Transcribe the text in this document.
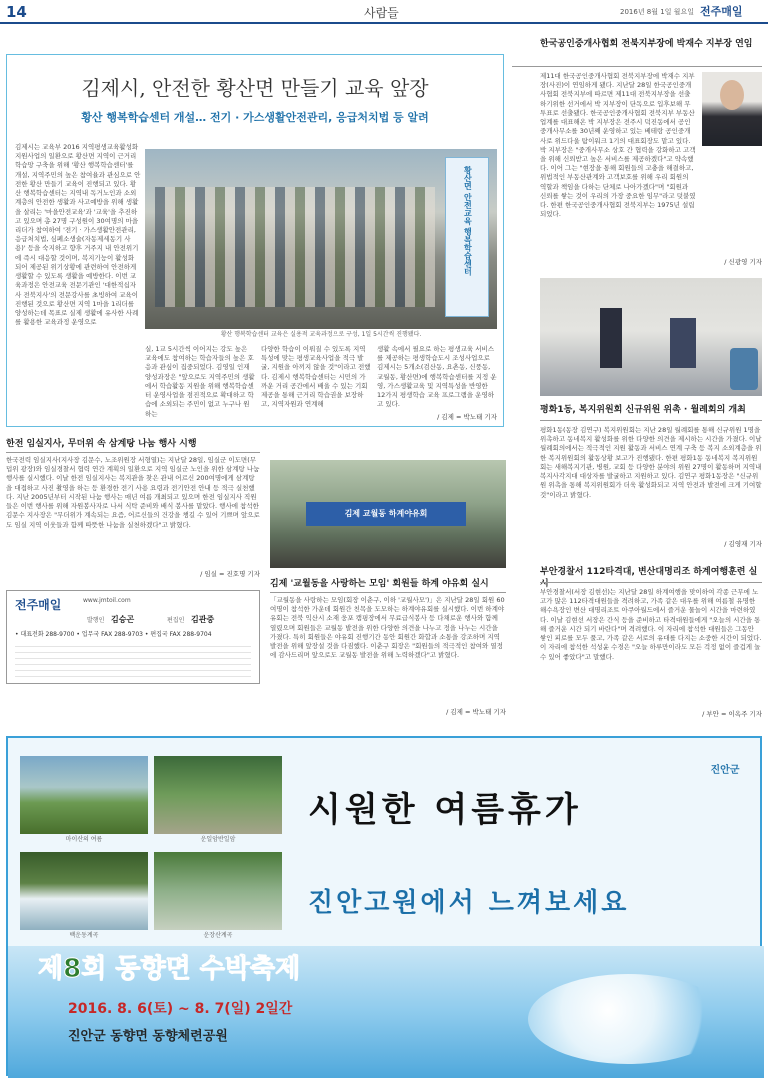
14	사람들	2016년 8월 1일 월요일 전주매일
김제시, 안전한 황산면 만들기 교육 앞장
황산 행복학습센터 개설… 전기 · 가스생활안전관리, 응급처치법 등 알려
김제시는 교육부 2016 지역평생교육활성화 지원사업의 일환으로 황산면 지역이 근거리 학습망 구축을 위해 '황산 행복학습센터'를 개설, 지역주민의 높은 참여율과 관심으로 안전한 황산 만들기 교육이 진행되고 있다. 황산 행복학습센터는 지역내 독거노인과 소외계층의 안전한 생활과 사고예방을 위해 생활을 살리는 '마을안전교육'과 '교육'을 추진하고 있으며 총 27명 구성원이 30여명의 마을리더가 참여하여 '전기 · 가스생활안전관리, 응급처치법, 심폐소생술(자동제세동기 사용)' 등을 숙지하고 향후 거주지 내 안전위기에 즉시 대응할 것이며, 복지기능이 활성화 되어 제공된 위기상황에 관련하여 안전하게 생활할 수 있도록 생활을 예방한다. 이번 교육과정은 안전교육 전문기관인 '대한적십자사 전북지사'의 전문강사를 초빙하여 교육이 진행된 것으로 황산면 지역 1마을 1리더를 양성하는데 목표로 실제 생활에 유사한 사례를 활용한 교육과정 운영으로
황산면 안전교육 행복학습센터
황산 행복학습센터 교육은 실용적 교육과정으로 구성, 1일 5시간씩 진행됐다.
실, 1교 5시간씩 이어지는 강도 높은 교육에도 참여하는 학습자들의 높은 호응과 관심이 집중되었다. 김영일 인재양성과장은 "앞으로도 지역주민의 생활에서 학습활동 지원을 위해 행복학습센터 운영사업을 점진적으로 확대하고 학습에 소외되는 주민이 없고 누구나 원하는
다양한 학습이 이뤄질 수 있도록 지역특성에 맞는 평생교육사업을 적극 발굴, 지원을 아끼지 않을 것"이라고 전했다. 김제시 행복학습센터는 시민의 가까운 거리 공간에서 배울 수 있는 기회제공을 통해 근거리 학습권을 보장하고, 지역자원과 연계해
생활 속에서 필요로 하는 평생교육 서비스를 제공하는 평생학습도시 조성사업으로 김제시는 5개소(검산동, 요촌동, 신풍동, 교월동, 황산면)에 행복학습센터를 지정 운영, 가스생활교육 및 지역특성을 반영한 12가지 평생학습 교육 프로그램을 운영하고 있다.
/ 김제 = 박노태 기자
한국공인중개사협회 전북지부장에 박재수 지부장 연임
제11대 한국공인중개사협회 전북지부장에 박재수 지부장(사진)이 연임하게 됐다. 지난달 28일 한국공인중개사협회 전북지부에 따르면 제11대 전북지부장을 선출하기위한 선거에서 박 지부장이 단독으로 입후보해 무투표로 선출됐다. 한국공인중개사협회 전북지부 부동산업계를 대표해온 박 지부장은 전주시 덕진동에서 공인중개사무소를 30년째 운영하고 있는 베테랑 공인중개사로 위드다울 탐이워크 1기의 대표회장도 맡고 있다. 박 지부장은 "중개사무소 상호 간 협력을 강화하고 고객을 위해 신뢰받고 높은 서비스를 제공하겠다"고 약속했다. 이어 그는 "현장을 통해 회원들의 고충을 해결하고, 위법적인 부동산관계와 고객보호를 위해 우리 회원의 역할과 책임을 다하는 단체로 나아가겠다"며 "회원과 신뢰를 쌓는 것이 우리의 가장 중요한 임무"라고 덧붙였다. 한편 한국공인중개사협회 전북지부는 1975년 설립되었다.
/ 신광영 기자
평화1동, 복지위원회 신규위원 위촉 · 월례회의 개최
평화1동(동장 김연구) 복지위원회는 지난 28일 월례회를 통해 신규위원 1명을 위촉하고 동네복지 활성화를 위한 다양한 의견을 제시하는 시간을 가졌다. 이날 월례회의에서는 적극적인 지원 활동과 서비스 연계 구축 등 복지 소외계층을 위한 복지위원회의 활동상황 보고가 진행됐다. 한편 평화1동 동네복지 복지위원회는 새해복지기관, 병원, 교회 등 다양한 분야의 위원 27명이 활동하며 지역내 복지사각지대 대상자를 발굴하고 지원하고 있다. 김연구 평화1동장은 "신규위원 위촉을 통해 복지위원회가 더욱 활성화되고 지역 안전과 발전에 크게 기여할 것"이라고 밝혔다.
/ 김영재 기자
부안경찰서 112타격대, 변산대명리조 하계여행훈련 실시
부안경찰서(서장 김현선)는 지난달 28일 하계여행을 맞이하여 각종 근무에 노고가 많은 112타격대원들을 격려하고, 가족 같은 대우를 위해 여름철 유명한 해수욕장인 변산 대명리조트 아쿠아월드에서 즐거운 물놀이 시간을 마련하였다. 이날 김현선 서장은 간식 등을 준비하고 타격대원들에게 "오늘의 시간을 통해 즐거운 시간 되기 바란다"며 격려했다. 이 자리에 참석한 대원들은 그동안 쌓인 피로를 모두 풀고, 가족 같은 서로의 유대를 다지는 소중한 시간이 되었다. 이 자리에 참석한 석성윤 수경은 "오늘 하루만이라도 모든 걱정 없이 즐겁게 놀 수 있어 좋았다"고 말했다.
/ 부안 = 이옥주 기자
한전 임실지사, 무더위 속 삼계탕 나눔 행사 시행
한국전력 임실지사(지사장 김문수, 노조위원장 서형열)는 지난달 28일, 임실군 이도면(무덥위 광장)와 임실경찰서 협력 연간 계획의 일환으로 지역 임실군 노인을 위한 삼계탕 나눔 행사를 실시했다. 이날 한전 임실지사는 복지관을 찾은 관내 어르신 200여명에게 삼계탕을 대접하고 사진 촬영을 하는 등 환경한 전기 사용 요령과 전기안전 안내 등 적극 실천했다. 지난 2005년부터 시작된 나눔 행사는 매년 여름 개최되고 있으며 한전 임실지사 직원들은 이번 행사를 위해 자원봉사자로 나서 식탁 준비와 배식 봉사를 맡았다. 행사에 참석한 김문수 지사장은 "무더위가 계속되는 요즘, 어르신들의 건강을 챙길 수 있어 기쁘며 앞으로도 임실 지역 이웃들과 함께 따뜻한 나눔을 실천하겠다"고 밝혔다.
/ 임실 = 진호명 기자
김제 교월동 하계야유회
김제 '교월동을 사랑하는 모임' 회원들 하계 야유회 실시
「교월동을 사랑하는 모임(회장 이춘구, 이하 '교월사모')」은 지난달 28일 회원 60여명이 참석한 가운데 회원간 친목을 도모하는 하계야유회를 실시했다. 이번 하계야유회는 전북 익산시 소재 웅포 캠핑장에서 무료급식봉사 등 다채로운 행사와 함께 열렸으며 회원들은 교월동 발전을 위한 다양한 의견을 나누고 정을 나누는 시간을 가졌다. 특히 회원들은 야유회 진행기간 동안 회원간 화합과 소통을 강조하며 지역 발전을 위해 앞장설 것을 다짐했다. 이춘구 회장은 "회원들의 적극적인 참여와 열정에 감사드리며 앞으로도 교월동 발전을 위해 노력하겠다"고 밝혔다.
/ 김제 = 박노태 기자
전주매일	www.jmtoil.com
발행인 김승곤	편집인 김관중
• 대표전화 288-9700 • 업무국 FAX 288-9703 • 편집국 FAX 288-9704
진안군
마이산의 여름	운일암반일암
백운동계곡	운장산계곡
시원한 여름휴가
진안고원에서 느껴보세요
제8회 동향면 수박축제
2016. 8. 6(토) ~ 8. 7(일) 2일간
진안군 동향면 동향체련공원
